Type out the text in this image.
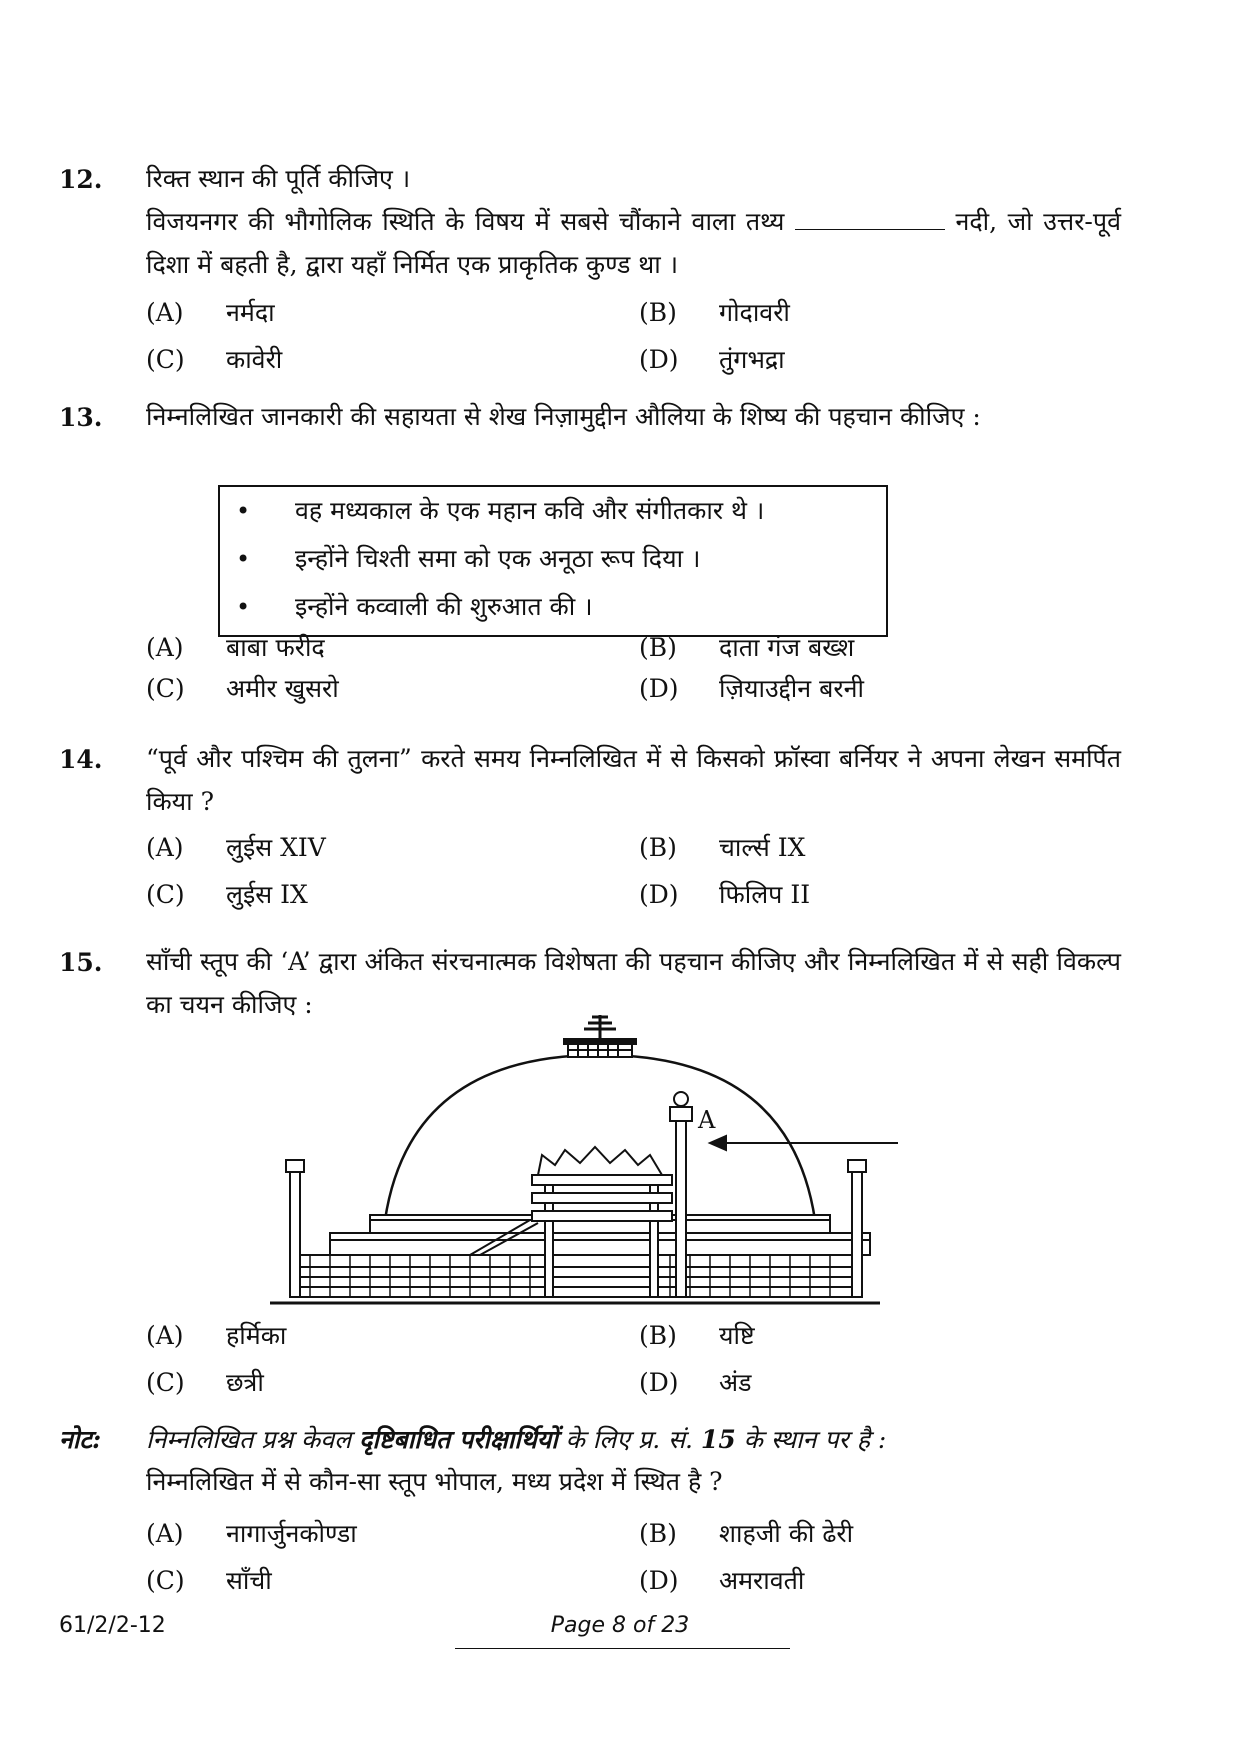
12. रिक्त स्थान की पूर्ति कीजिए ।
विजयनगर की भौगोलिक स्थिति के विषय में सबसे चौंकाने वाला तथ्य	नदी, जो उत्तर-पूर्व दिशा में बहती है, द्वारा यहाँ निर्मित एक प्राकृतिक कुण्ड था ।
(A) नर्मदा	(B) गोदावरी
(C) कावेरी	(D) तुंगभद्रा
13. निम्नलिखित जानकारी की सहायता से शेख निज़ामुद्दीन औलिया के शिष्य की पहचान कीजिए :
• वह मध्यकाल के एक महान कवि और संगीतकार थे ।
• इन्होंने चिश्ती समा को एक अनूठा रूप दिया ।
• इन्होंने कव्वाली की शुरुआत की ।
(A) बाबा फरीद	(B) दाता गंज बख्श
(C) अमीर खुसरो	(D) ज़ियाउद्दीन बरनी
14. “पूर्व और पश्चिम की तुलना” करते समय निम्नलिखित में से किसको फ्रॉस्वा बर्नियर ने अपना लेखन समर्पित किया ?
(A) लुईस XIV	(B) चार्ल्स IX
(C) लुईस IX	(D) फिलिप II
15. साँची स्तूप की ‘A’ द्वारा अंकित संरचनात्मक विशेषता की पहचान कीजिए और निम्नलिखित में से सही विकल्प का चयन कीजिए :
A
(A) हर्मिका	(B) यष्टि
(C) छत्री	(D) अंड
नोट: निम्नलिखित प्रश्न केवल दृष्टिबाधित परीक्षार्थियों के लिए प्र. सं. 15 के स्थान पर है :
निम्नलिखित में से कौन-सा स्तूप भोपाल, मध्य प्रदेश में स्थित है ?
(A) नागार्जुनकोण्डा	(B) शाहजी की ढेरी
(C) साँची	(D) अमरावती
61/2/2-12	Page 8 of 23
